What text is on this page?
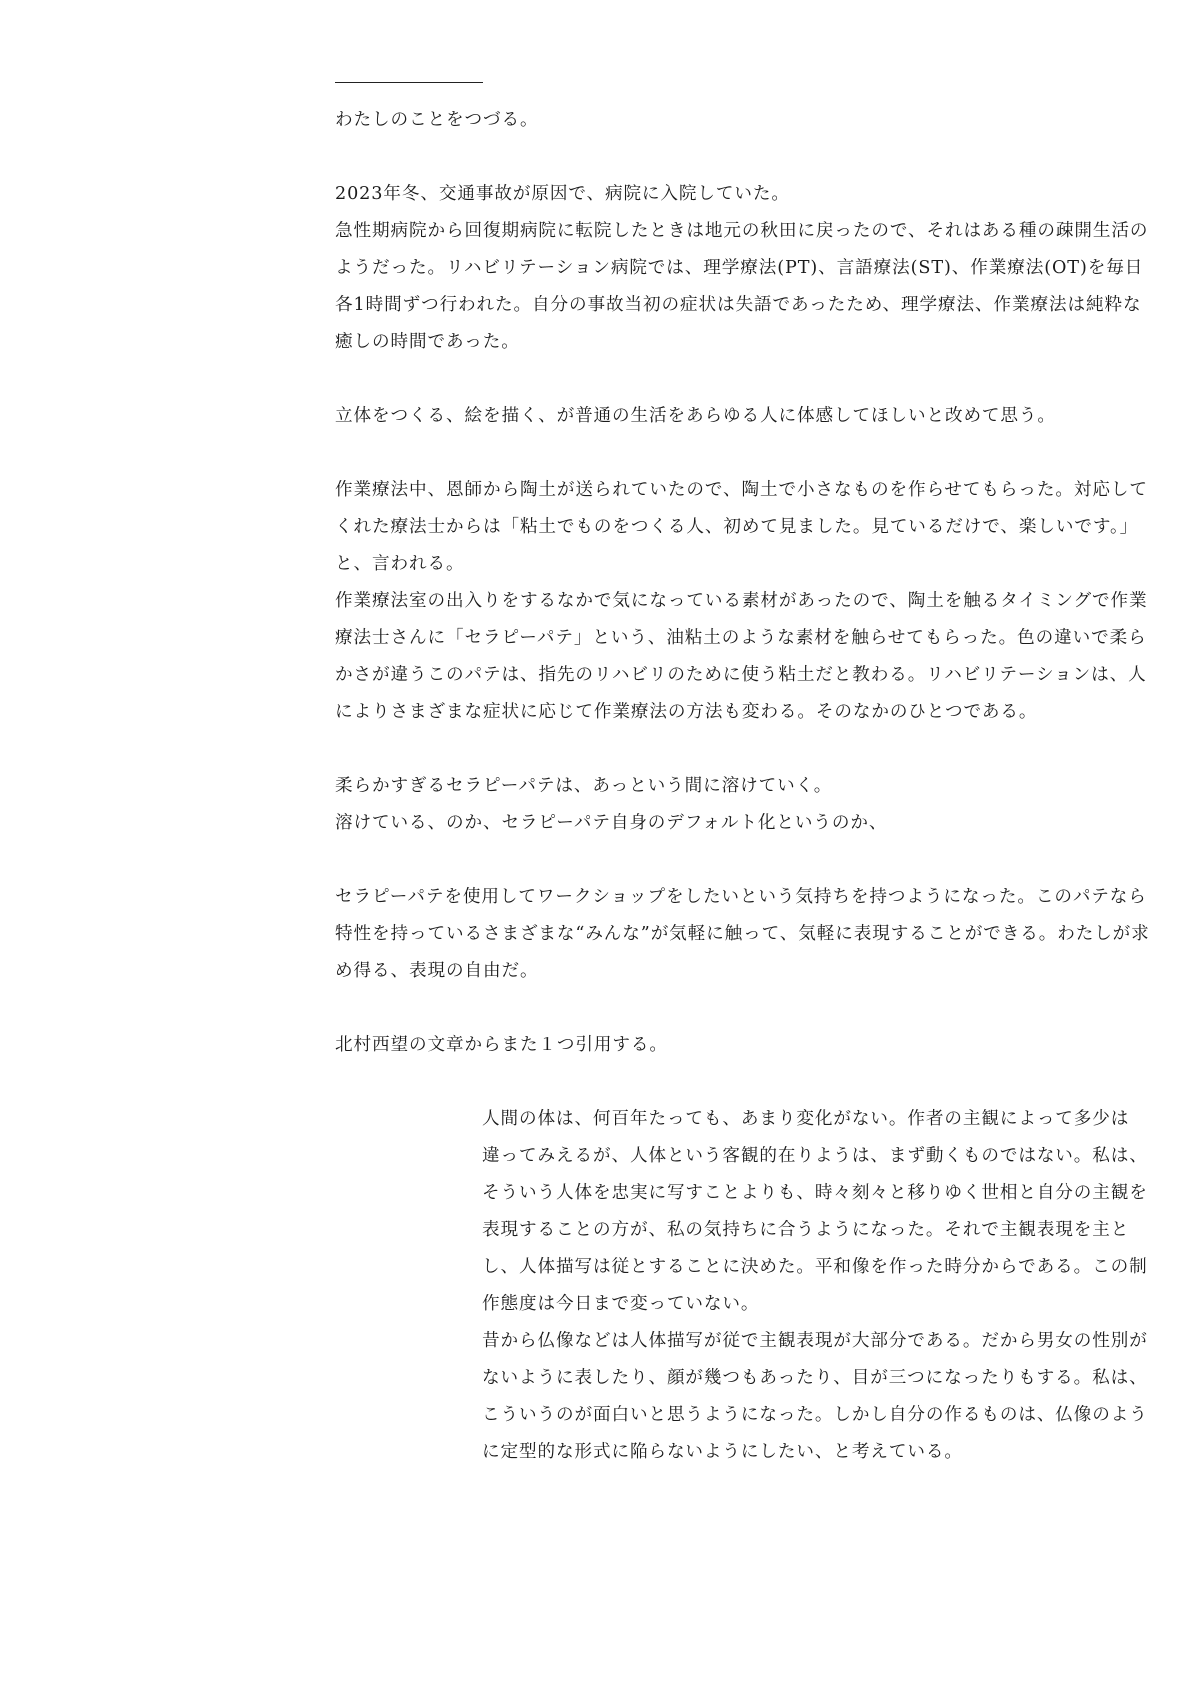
わたしのことをつづる。

2023年冬、交通事故が原因で、病院に入院していた。
急性期病院から回復期病院に転院したときは地元の秋田に戻ったので、それはある種の疎開生活の
ようだった。リハビリテーション病院では、理学療法(PT)、言語療法(ST)、作業療法(OT)を毎日
各1時間ずつ行われた。自分の事故当初の症状は失語であったため、理学療法、作業療法は純粋な
癒しの時間であった。

立体をつくる、絵を描く、が普通の生活をあらゆる人に体感してほしいと改めて思う。

作業療法中、恩師から陶土が送られていたので、陶土で小さなものを作らせてもらった。対応して
くれた療法士からは「粘土でものをつくる人、初めて見ました。見ているだけで、楽しいです。」
と、言われる。
作業療法室の出入りをするなかで気になっている素材があったので、陶土を触るタイミングで作業
療法士さんに「セラピーパテ」という、油粘土のような素材を触らせてもらった。色の違いで柔ら
かさが違うこのパテは、指先のリハビリのために使う粘土だと教わる。リハビリテーションは、人
によりさまざまな症状に応じて作業療法の方法も変わる。そのなかのひとつである。

柔らかすぎるセラピーパテは、あっという間に溶けていく。
溶けている、のか、セラピーパテ自身のデフォルト化というのか、

セラピーパテを使用してワークショップをしたいという気持ちを持つようになった。このパテなら
特性を持っているさまざまな“みんな”が気軽に触って、気軽に表現することができる。わたしが求
め得る、表現の自由だ。

北村西望の文章からまた１つ引用する。

人間の体は、何百年たっても、あまり変化がない。作者の主観によって多少は
違ってみえるが、人体という客観的在りようは、まず動くものではない。私は、
そういう人体を忠実に写すことよりも、時々刻々と移りゆく世相と自分の主観を
表現することの方が、私の気持ちに合うようになった。それで主観表現を主と
し、人体描写は従とすることに決めた。平和像を作った時分からである。この制
作態度は今日まで変っていない。
昔から仏像などは人体描写が従で主観表現が大部分である。だから男女の性別が
ないように表したり、顔が幾つもあったり、目が三つになったりもする。私は、
こういうのが面白いと思うようになった。しかし自分の作るものは、仏像のよう
に定型的な形式に陥らないようにしたい、と考えている。
